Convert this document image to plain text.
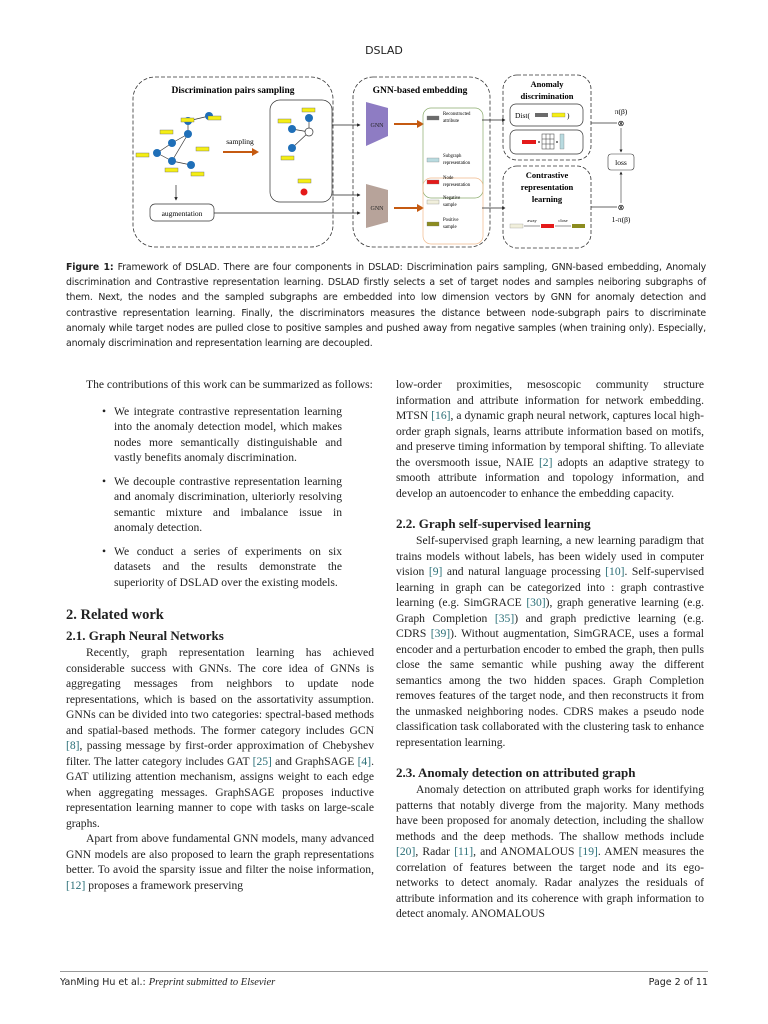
DSLAD
Discrimination pairs sampling
sampling
augmentation
GNN-based embedding
GNN
GNN
Reconstructed
attribute
Subgraph
representation
Node
representation
Negative
sample
Positive
sample
Anomaly
discrimination
Dist(	)
Contrastive
representation
learning
away	close
π(β)
⊗
⊗
1-π(β)
loss
Figure 1: Framework of DSLAD. There are four components in DSLAD: Discrimination pairs sampling, GNN-based embedding, Anomaly discrimination and Contrastive representation learning. DSLAD firstly selects a set of target nodes and samples neiboring subgraphs of them. Next, the nodes and the sampled subgraphs are embedded into low dimension vectors by GNN for anomaly detection and contrastive representation learning. Finally, the discriminators measures the distance between node-subgraph pairs to discriminate anomaly while target nodes are pulled close to positive samples and pushed away from negative samples (when training only). Especially, anomaly discrimination and representation learning are decoupled.

The contributions of this work can be summarized as follows:

• We integrate contrastive representation learning into the anomaly detection model, which makes nodes more semantically distinguishable and vastly benefits anomaly discrimination.
• We decouple contrastive representation learning and anomaly discrimination, ulteriorly resolving semantic mixture and imbalance issue in anomaly detection.
• We conduct a series of experiments on six datasets and the results demonstrate the superiority of DSLAD over the existing models.
2. Related work
2.1. Graph Neural Networks

Recently, graph representation learning has achieved considerable success with GNNs. The core idea of GNNs is aggregating messages from neighbors to update node representations, which is based on the assortativity assumption. GNNs can be divided into two categories: spectral-based methods and spatial-based methods. The former category includes GCN [8], passing message by first-order approximation of Chebyshev filter. The latter category includes GAT [25] and GraphSAGE [4]. GAT utilizing attention mechanism, assigns weight to each edge when aggregating messages. GraphSAGE proposes inductive representation learning manner to cope with tasks on large-scale graphs.

Apart from above fundamental GNN models, many advanced GNN models are also proposed to learn the graph representations better. To avoid the sparsity issue and filter the noise information, [12] proposes a framework preserving

low-order proximities, mesoscopic community structure information and attribute information for network embedding. MTSN [16], a dynamic graph neural network, captures local high-order graph signals, learns attribute information based on motifs, and preserve timing information by temporal shifting. To alleviate the oversmooth issue, NAIE [2] adopts an adaptive strategy to smooth attribute information and topology information, and develop an autoencoder to enhance the embedding capacity.

2.2. Graph self-supervised learning

Self-supervised graph learning, a new learning paradigm that trains models without labels, has been widely used in computer vision [9] and natural language processing [10]. Self-supervised learning in graph can be categorized into : graph contrastive learning (e.g. SimGRACE [30]), graph generative learning (e.g. Graph Completion [35]) and graph predictive learning (e.g. CDRS [39]). Without augmentation, SimGRACE, uses a formal encoder and a perturbation encoder to embed the graph, then pulls close the same semantic while pushing away the different semantics among the two hidden spaces. Graph Completion removes features of the target node, and then reconstructs it from the unmasked neighboring nodes. CDRS makes a pseudo node classification task collaborated with the clustering task to enhance representation learning.

2.3. Anomaly detection on attributed graph

Anomaly detection on attributed graph works for identifying patterns that notably diverge from the majority. Many methods have been proposed for anomaly detection, including the shallow methods and the deep methods. The shallow methods include [20], Radar [11], and ANOMALOUS [19]. AMEN measures the correlation of features between the target node and its ego-networks to detect anomaly. Radar analyzes the residuals of attribute information and its coherence with graph information to detect anomaly. ANOMALOUS

YanMing Hu et al.: Preprint submitted to Elsevier	Page 2 of 11
